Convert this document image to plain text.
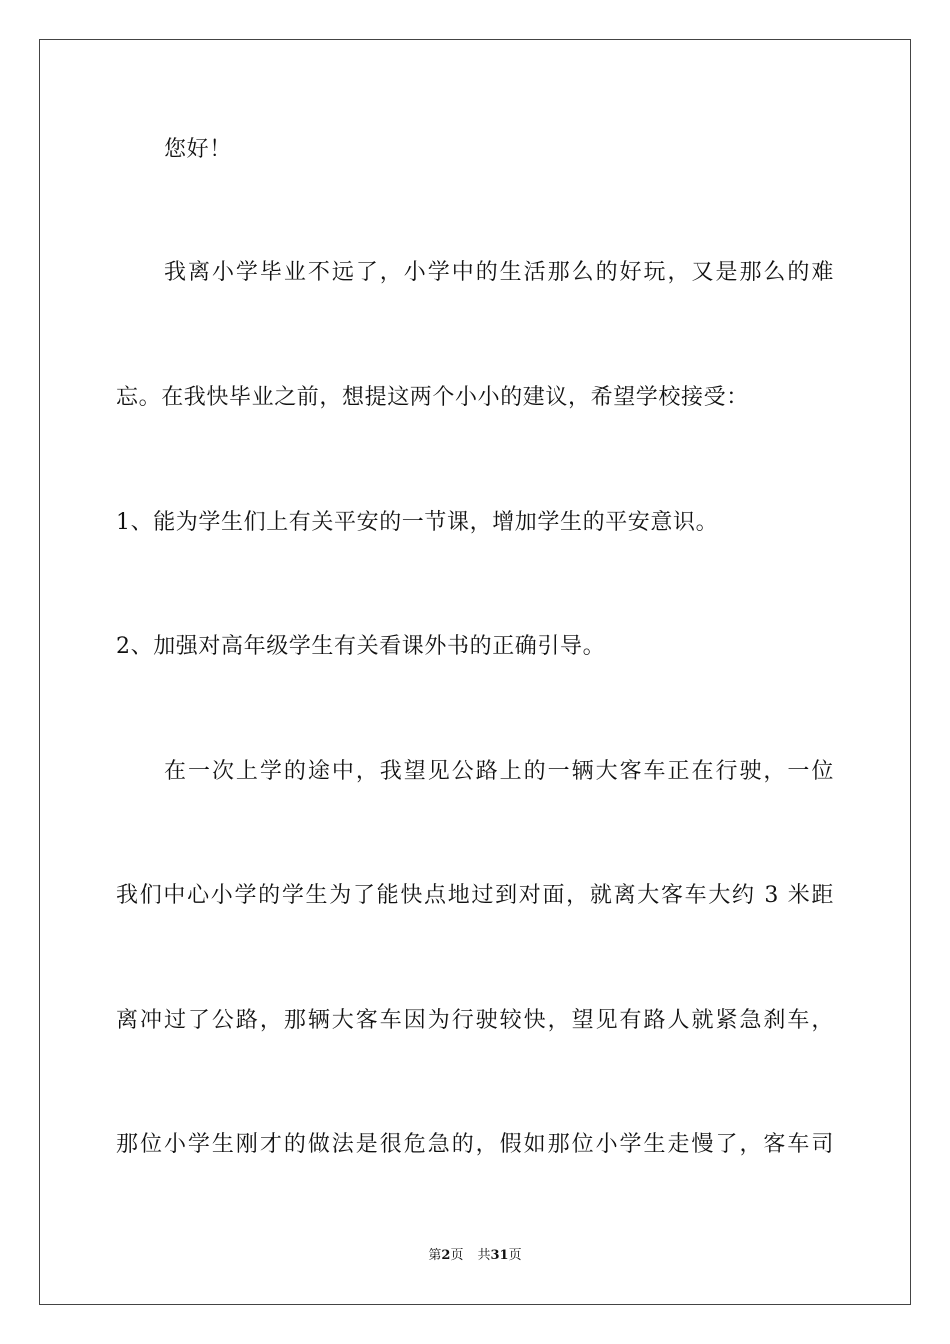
您好！
我离小学毕业不远了，小学中的生活那么的好玩，又是那么的难
忘。在我快毕业之前，想提这两个小小的建议，希望学校接受：
1、能为学生们上有关平安的一节课，增加学生的平安意识。
2、加强对高年级学生有关看课外书的正确引导。
在一次上学的途中，我望见公路上的一辆大客车正在行驶，一位
我们中心小学的学生为了能快点地过到对面，就离大客车大约 3 米距
离冲过了公路，那辆大客车因为行驶较快，望见有路人就紧急刹车，
那位小学生刚才的做法是很危急的，假如那位小学生走慢了，客车司
第2页 共31页
